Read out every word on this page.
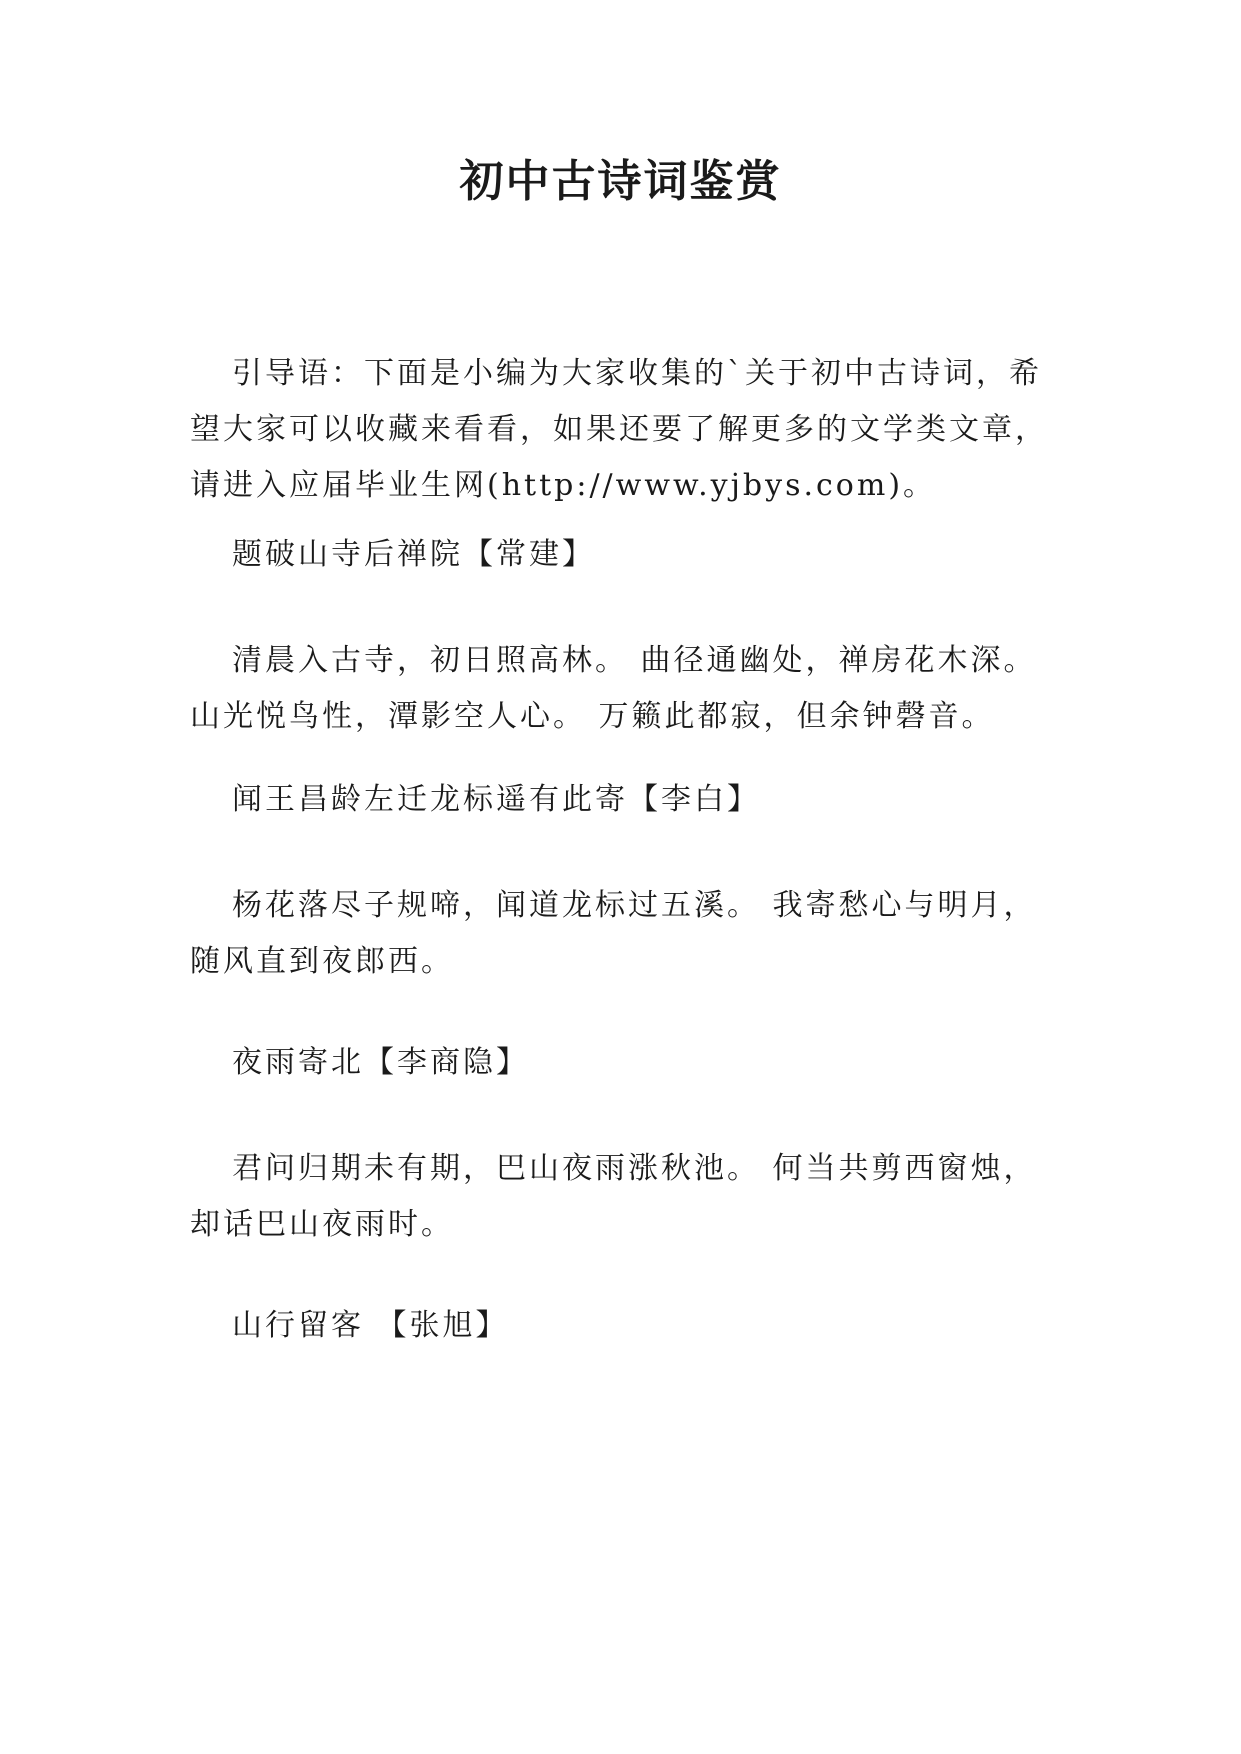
初中古诗词鉴赏
引导语：下面是小编为大家收集的`关于初中古诗词，希
望大家可以收藏来看看，如果还要了解更多的文学类文章，
请进入应届毕业生网(http://www.yjbys.com)。
题破山寺后禅院【常建】
清晨入古寺，初日照高林。 曲径通幽处，禅房花木深。
山光悦鸟性，潭影空人心。 万籁此都寂，但余钟磬音。
闻王昌龄左迁龙标遥有此寄【李白】
杨花落尽子规啼，闻道龙标过五溪。 我寄愁心与明月，
随风直到夜郎西。
夜雨寄北【李商隐】
君问归期未有期，巴山夜雨涨秋池。 何当共剪西窗烛，
却话巴山夜雨时。
山行留客 【张旭】
